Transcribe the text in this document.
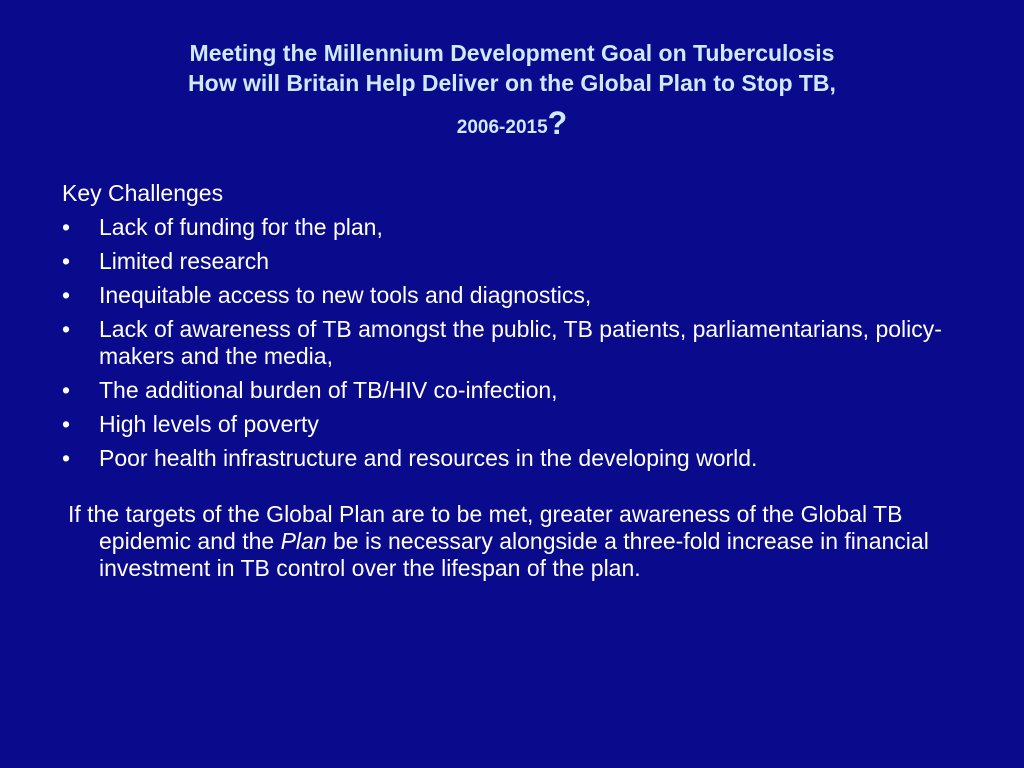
Meeting the Millennium Development Goal on Tuberculosis
How will Britain Help Deliver on the Global Plan to Stop TB,
2006-2015?
Key Challenges
•	Lack of funding for the plan,
•	Limited research
•	Inequitable access to new tools and diagnostics,
•	Lack of awareness of TB amongst the public, TB patients, parliamentarians, policy-makers and the media,
•	The additional burden of TB/HIV co-infection,
•	High levels of poverty
•	Poor health infrastructure and resources in the developing world.
If the targets of the Global Plan are to be met, greater awareness of the Global TB epidemic and the Plan be is necessary alongside a three-fold increase in financial investment in TB control over the lifespan of the plan.
